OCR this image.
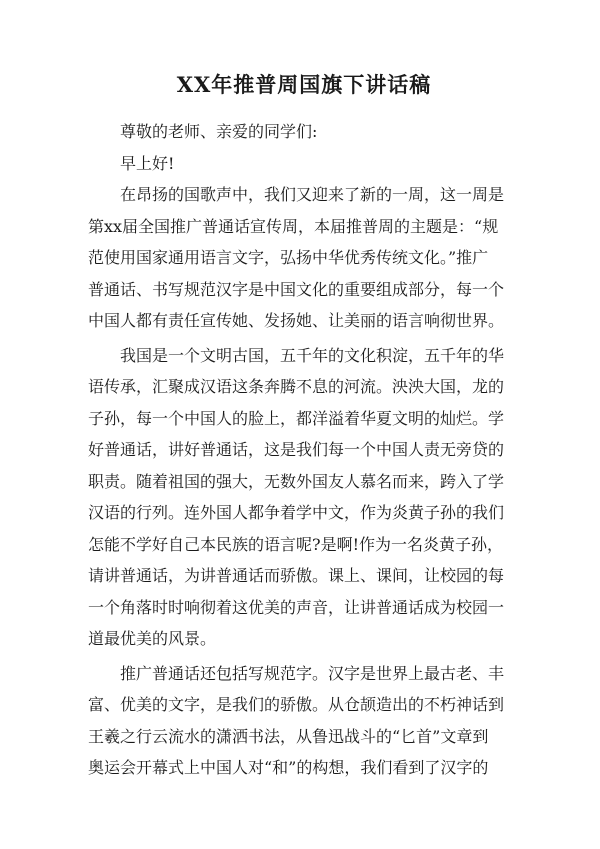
XX年推普周国旗下讲话稿

尊敬的老师、亲爱的同学们:

早上好!

在昂扬的国歌声中，我们又迎来了新的一周，这一周是

第xx届全国推广普通话宣传周，本届推普周的主题是：“规

范使用国家通用语言文字，弘扬中华优秀传统文化。”推广

普通话、书写规范汉字是中国文化的重要组成部分，每一个

中国人都有责任宣传她、发扬她、让美丽的语言响彻世界。

我国是一个文明古国，五千年的文化积淀，五千年的华

语传承，汇聚成汉语这条奔腾不息的河流。泱泱大国，龙的

子孙，每一个中国人的脸上，都洋溢着华夏文明的灿烂。学

好普通话，讲好普通话，这是我们每一个中国人责无旁贷的

职责。随着祖国的强大，无数外国友人慕名而来，跨入了学

汉语的行列。连外国人都争着学中文，作为炎黄子孙的我们

怎能不学好自己本民族的语言呢?是啊!作为一名炎黄子孙，

请讲普通话，为讲普通话而骄傲。课上、课间，让校园的每

一个角落时时响彻着这优美的声音，让讲普通话成为校园一

道最优美的风景。

推广普通话还包括写规范字。汉字是世界上最古老、丰

富、优美的文字，是我们的骄傲。从仓颉造出的不朽神话到

王羲之行云流水的潇洒书法，从鲁迅战斗的“匕首”文章到

奥运会开幕式上中国人对“和”的构想，我们看到了汉字的
